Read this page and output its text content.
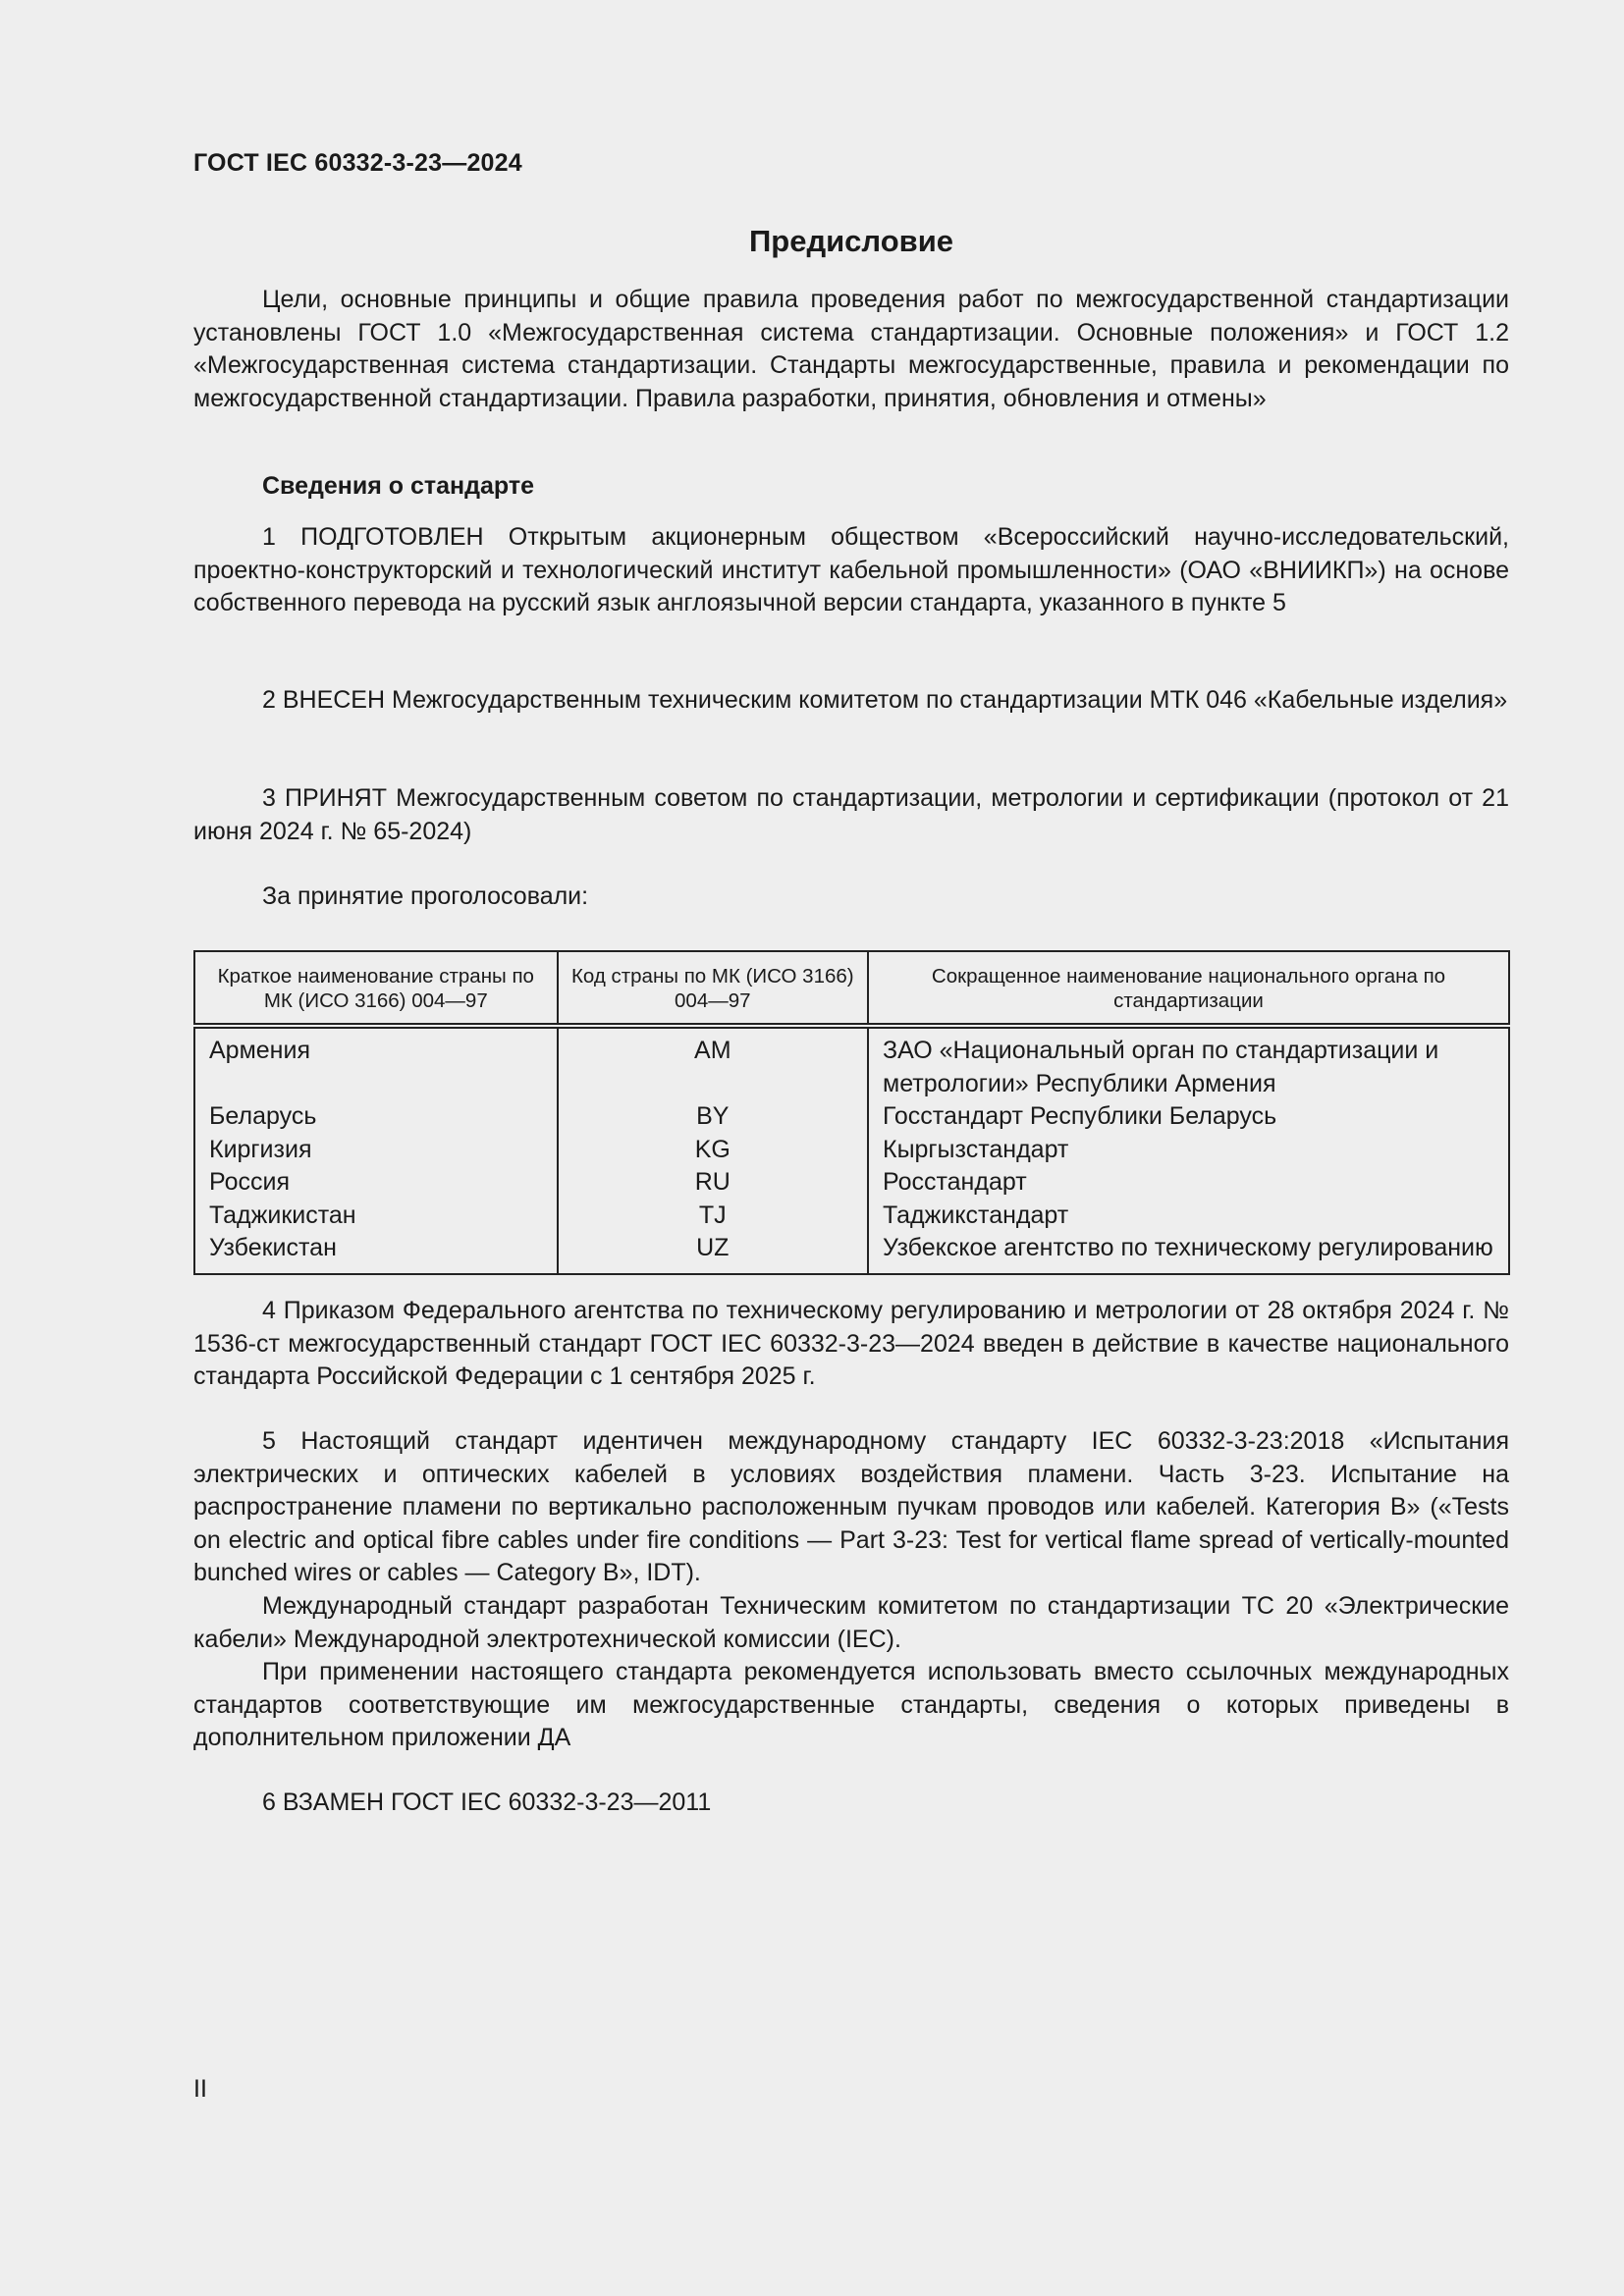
ГОСТ IEC 60332-3-23—2024
Предисловие

Цели, основные принципы и общие правила проведения работ по межгосударственной стандартизации установлены ГОСТ 1.0 «Межгосударственная система стандартизации. Основные положения» и ГОСТ 1.2 «Межгосударственная система стандартизации. Стандарты межгосударственные, правила и рекомендации по межгосударственной стандартизации. Правила разработки, принятия, обновления и отмены»

Сведения о стандарте

1 ПОДГОТОВЛЕН Открытым акционерным обществом «Всероссийский научно-исследовательский, проектно-конструкторский и технологический институт кабельной промышленности» (ОАО «ВНИИКП») на основе собственного перевода на русский язык англоязычной версии стандарта, указанного в пункте 5

2 ВНЕСЕН Межгосударственным техническим комитетом по стандартизации МТК 046 «Кабельные изделия»

3 ПРИНЯТ Межгосударственным советом по стандартизации, метрологии и сертификации (протокол от 21 июня 2024 г. № 65-2024)

За принятие проголосовали:

Краткое наименование страны по МК (ИСО 3166) 004—97	Код страны по МК (ИСО 3166) 004—97	Сокращенное наименование национального органа по стандартизации
Армения	AM	ЗАО «Национальный орган по стандартизации и метрологии» Республики Армения
Беларусь	BY	Госстандарт Республики Беларусь
Киргизия	KG	Кыргызстандарт
Россия	RU	Росстандарт
Таджикистан	TJ	Таджикстандарт
Узбекистан	UZ	Узбекское агентство по техническому регулированию

4 Приказом Федерального агентства по техническому регулированию и метрологии от 28 октября 2024 г. № 1536-ст межгосударственный стандарт ГОСТ IEC 60332-3-23—2024 введен в действие в качестве национального стандарта Российской Федерации с 1 сентября 2025 г.

5 Настоящий стандарт идентичен международному стандарту IEC 60332-3-23:2018 «Испытания электрических и оптических кабелей в условиях воздействия пламени. Часть 3-23. Испытание на распространение пламени по вертикально расположенным пучкам проводов или кабелей. Категория B» («Tests on electric and optical fibre cables under fire conditions — Part 3-23: Test for vertical flame spread of vertically-mounted bunched wires or cables — Category B», IDT).

Международный стандарт разработан Техническим комитетом по стандартизации ТС 20 «Электрические кабели» Международной электротехнической комиссии (IEC).

При применении настоящего стандарта рекомендуется использовать вместо ссылочных международных стандартов соответствующие им межгосударственные стандарты, сведения о которых приведены в дополнительном приложении ДА

6 ВЗАМЕН ГОСТ IEC 60332-3-23—2011

II
